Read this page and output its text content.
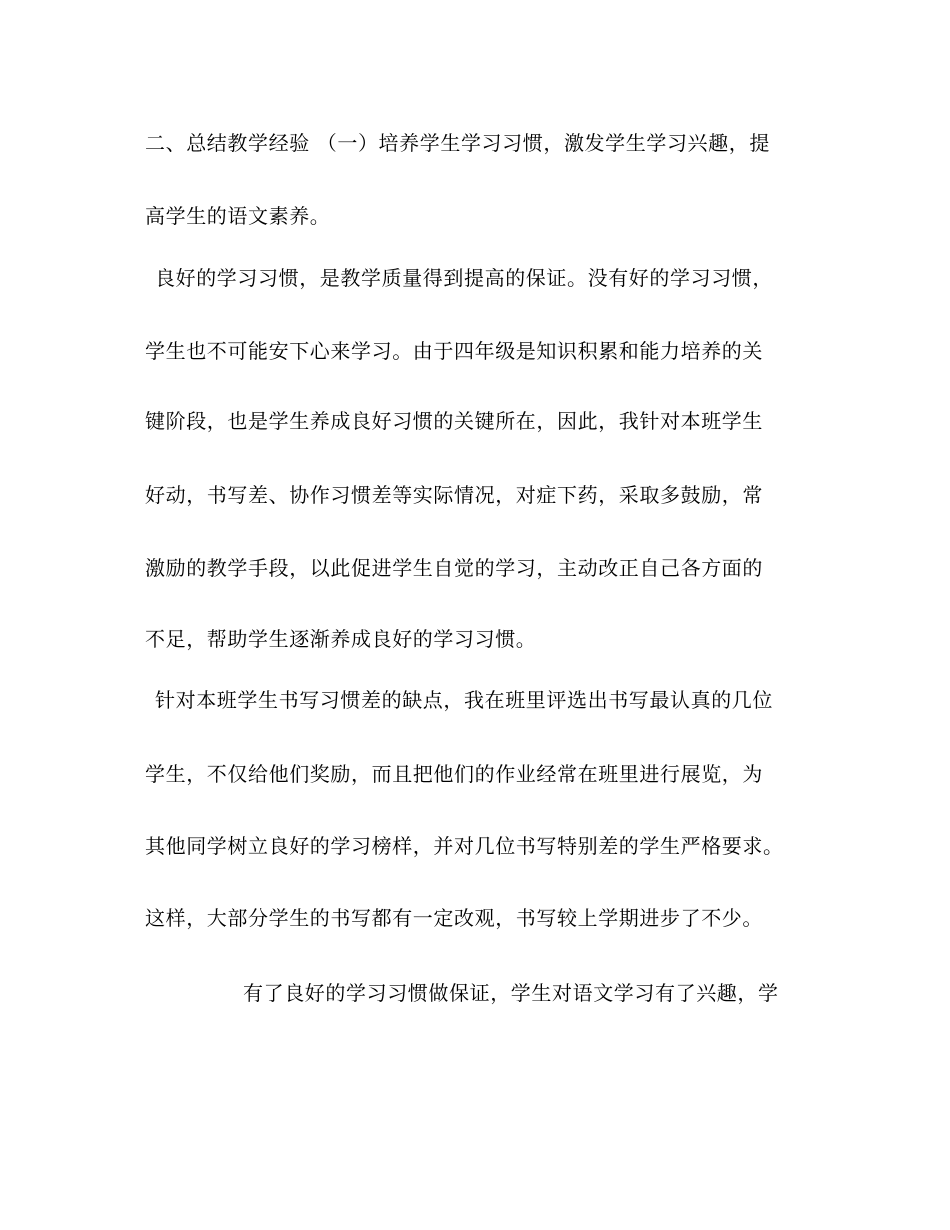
二、总结教学经验 （一）培养学生学习习惯，激发学生学习兴趣，提
高学生的语文素养。
良好的学习习惯，是教学质量得到提高的保证。没有好的学习习惯，
学生也不可能安下心来学习。由于四年级是知识积累和能力培养的关
键阶段，也是学生养成良好习惯的关键所在，因此，我针对本班学生
好动，书写差、协作习惯差等实际情况，对症下药，采取多鼓励，常
激励的教学手段，以此促进学生自觉的学习，主动改正自己各方面的
不足，帮助学生逐渐养成良好的学习习惯。
针对本班学生书写习惯差的缺点，我在班里评选出书写最认真的几位
学生，不仅给他们奖励，而且把他们的作业经常在班里进行展览，为
其他同学树立良好的学习榜样，并对几位书写特别差的学生严格要求。
这样，大部分学生的书写都有一定改观，书写较上学期进步了不少。
有了良好的学习习惯做保证，学生对语文学习有了兴趣，学
